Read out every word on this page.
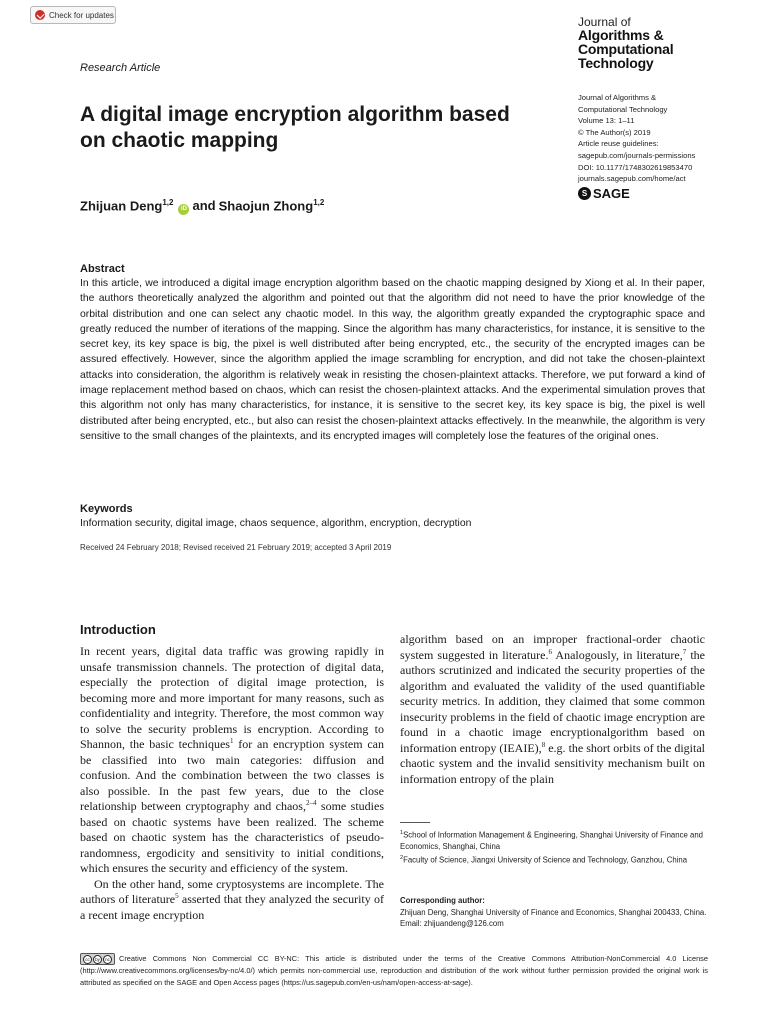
Check for updates	Journal of
Algorithms &
Computational
Technology
Research Article
A digital image encryption algorithm based on chaotic mapping
Journal of Algorithms &
Computational Technology
Volume 13: 1–11
© The Author(s) 2019
Article reuse guidelines:
sagepub.com/journals-permissions
DOI: 10.1177/1748302619853470
journals.sagepub.com/home/act
S SAGE
Zhijuan Deng$^{1,2}$
iD and Shaojun Zhong$^{1,2}$
Abstract

In this article, we introduced a digital image encryption algorithm based on the chaotic mapping designed by Xiong et al. In their paper, the authors theoretically analyzed the algorithm and pointed out that the algorithm did not need to have the prior knowledge of the orbital distribution and one can select any chaotic model. In this way, the algorithm greatly expanded the cryptographic space and greatly reduced the number of iterations of the mapping. Since the algorithm has many characteristics, for instance, it is sensitive to the secret key, its key space is big, the pixel is well distributed after being encrypted, etc., the security of the encrypted images can be assured effectively. However, since the algorithm applied the image scrambling for encryption, and did not take the chosen-plaintext attacks into consideration, the algorithm is relatively weak in resisting the chosen-plaintext attacks. Therefore, we put forward a kind of image replacement method based on chaos, which can resist the chosen-plaintext attacks. And the experimental simulation proves that this algorithm not only has many characteristics, for instance, it is sensitive to the secret key, its key space is big, the pixel is well distributed after being encrypted, etc., but also can resist the chosen-plaintext attacks effectively. In the meanwhile, the algorithm is very sensitive to the small changes of the plaintexts, and its encrypted images will completely lose the features of the original ones.

Keywords

Information security, digital image, chaos sequence, algorithm, encryption, decryption

Received 24 February 2018; Revised received 21 February 2019; accepted 3 April 2019
Introduction

In recent years, digital data traffic was growing rapidly in unsafe transmission channels. The protection of digital data, especially the protection of digital image protection, is becoming more and more important for many reasons, such as confidentiality and integrity. Therefore, the most common way to solve the security problems is encryption. According to Shannon, the basic techniques$^1$ for an encryption system can be classified into two main categories: diffusion and confusion. And the combination between the two classes is also possible. In the past few years, due to the close relationship between cryptography and chaos,$^{2-4}$ some studies based on chaotic systems have been realized. The scheme based on chaotic system has the characteristics of pseudo-randomness, ergodicity and sensitivity to initial conditions, which ensures the security and efficiency of the system.

On the other hand, some cryptosystems are incomplete. The authors of literature$^5$ asserted that they analyzed the security of a recent image encryption

algorithm based on an improper fractional-order chaotic system suggested in literature.$^6$ Analogously, in literature,$^7$ the authors scrutinized and indicated the security properties of the algorithm and evaluated the validity of the used quantifiable security metrics. In addition, they claimed that some common insecurity problems in the field of chaotic image encryption are found in a chaotic image encryptionalgorithm based on information entropy (IEAIE),$^8$ e.g. the short orbits of the digital chaotic system and the invalid sensitivity mechanism built on information entropy of the plain

$^1$School of Information Management & Engineering, Shanghai University of Finance and Economics, Shanghai, China
$^2$Faculty of Science, Jiangxi University of Science and Technology, Ganzhou, China
Corresponding author:
Zhijuan Deng, Shanghai University of Finance and Economics, Shanghai 200433, China.
Email: zhijuandeng@126.com
cc	by	nc Creative Commons Non Commercial CC BY-NC: This article is distributed under the terms of the Creative Commons Attribution-NonCommercial 4.0 License (http://www.creativecommons.org/licenses/by-nc/4.0/) which permits non-commercial use, reproduction and distribution of the work without further permission provided the original work is attributed as specified on the SAGE and Open Access pages (https://us.sagepub.com/en-us/nam/open-access-at-sage).
